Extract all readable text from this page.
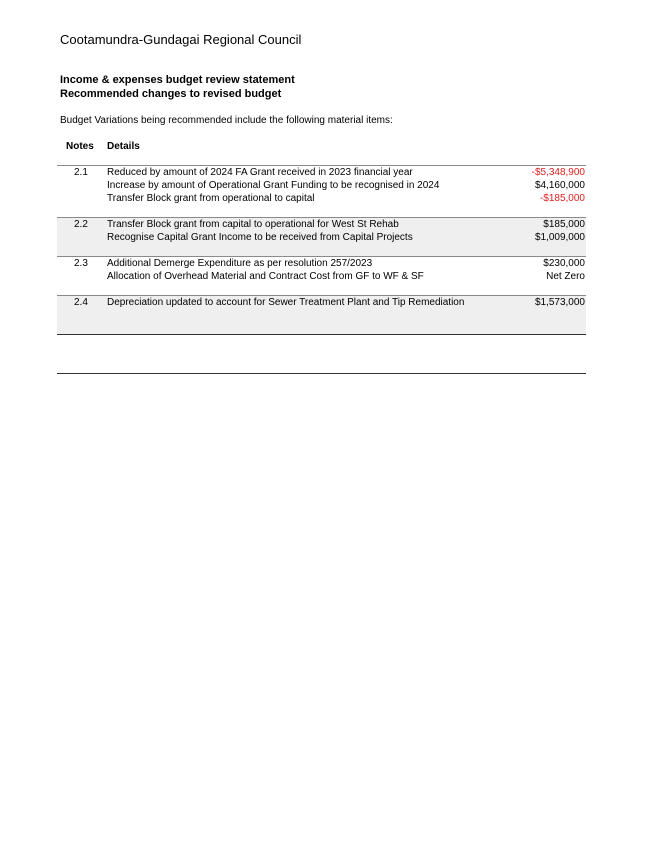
Cootamundra-Gundagai Regional Council
Income & expenses budget review statement
Recommended changes to revised budget
Budget Variations being recommended include the following material items:
Notes Details
2.1 Reduced by amount of 2024 FA Grant received in 2023 financial year	-$5,348,900
Increase by amount of Operational Grant Funding to be recognised in 2024	$4,160,000
Transfer Block grant from operational to capital	-$185,000
2.2 Transfer Block grant from capital to operational for West St Rehab	$185,000
Recognise Capital Grant Income to be received from Capital Projects	$1,009,000
2.3 Additional Demerge Expenditure as per resolution 257/2023	$230,000
Allocation of Overhead Material and Contract Cost from GF to WF & SF	Net Zero
2.4 Depreciation updated to account for Sewer Treatment Plant and Tip Remediation	$1,573,000
